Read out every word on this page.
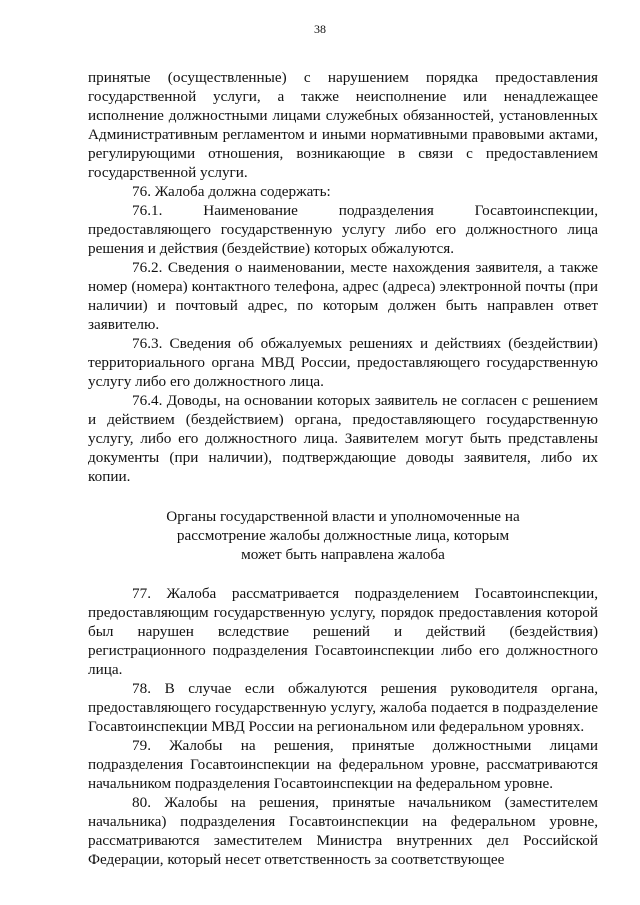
38

принятые (осуществленные) с нарушением порядка предоставления государственной услуги, а также неисполнение или ненадлежащее исполнение должностными лицами служебных обязанностей, установленных Административным регламентом и иными нормативными правовыми актами, регулирующими отношения, возникающие в связи с предоставлением государственной услуги.

76. Жалоба должна содержать:

76.1. Наименование подразделения Госавтоинспекции, предоставляющего государственную услугу либо его должностного лица решения и действия (бездействие) которых обжалуются.

76.2. Сведения о наименовании, месте нахождения заявителя, а также номер (номера) контактного телефона, адрес (адреса) электронной почты (при наличии) и почтовый адрес, по которым должен быть направлен ответ заявителю.

76.3. Сведения об обжалуемых решениях и действиях (бездействии) территориального органа МВД России, предоставляющего государственную услугу либо его должностного лица.

76.4. Доводы, на основании которых заявитель не согласен с решением и действием (бездействием) органа, предоставляющего государственную услугу, либо его должностного лица. Заявителем могут быть представлены документы (при наличии), подтверждающие доводы заявителя, либо их копии.

Органы государственной власти и уполномоченные на
рассмотрение жалобы должностные лица, которым
может быть направлена жалоба

77. Жалоба рассматривается подразделением Госавтоинспекции, предоставляющим государственную услугу, порядок предоставления которой был нарушен вследствие решений и действий (бездействия) регистрационного подразделения Госавтоинспекции либо его должностного лица.

78. В случае если обжалуются решения руководителя органа, предоставляющего государственную услугу, жалоба подается в подразделение Госавтоинспекции МВД России на региональном или федеральном уровнях.

79. Жалобы на решения, принятые должностными лицами подразделения Госавтоинспекции на федеральном уровне, рассматриваются начальником подразделения Госавтоинспекции на федеральном уровне.

80. Жалобы на решения, принятые начальником (заместителем начальника) подразделения Госавтоинспекции на федеральном уровне, рассматриваются заместителем Министра внутренних дел Российской Федерации, который несет ответственность за соответствующее
